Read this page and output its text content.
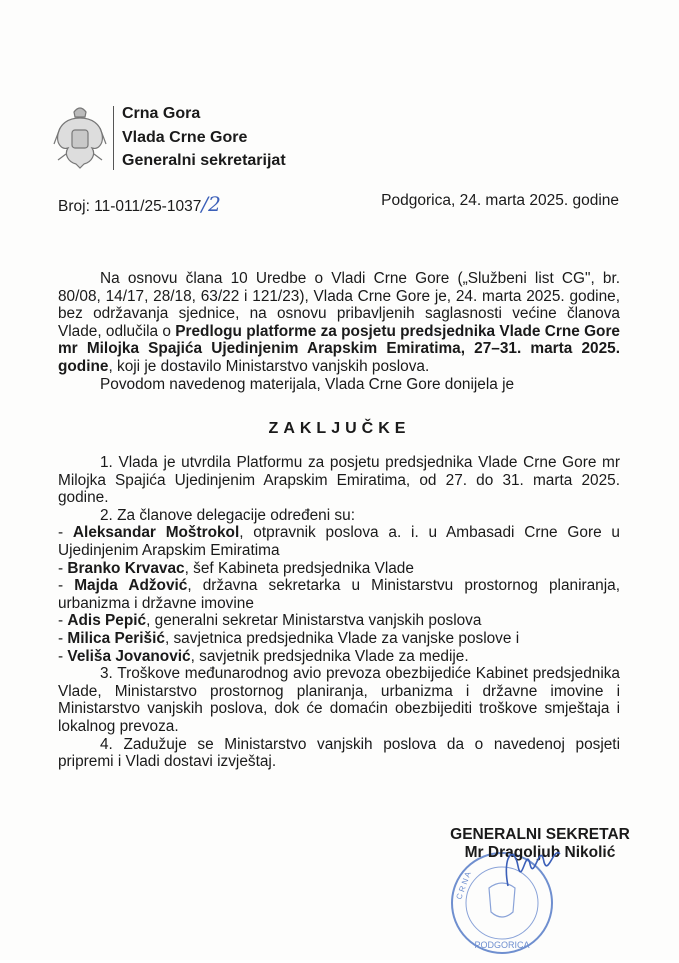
Crna Gora
Vlada Crne Gore
Generalni sekretarijat
Broj: 11-011/25-1037/2	Podgorica, 24. marta 2025. godine

Na osnovu člana 10 Uredbe o Vladi Crne Gore („Službeni list CG", br. 80/08, 14/17, 28/18, 63/22 i 121/23), Vlada Crne Gore je, 24. marta 2025. godine, bez održavanja sjednice, na osnovu pribavljenih saglasnosti većine članova Vlade, odlučila o Predlogu platforme za posjetu predsjednika Vlade Crne Gore mr Milojka Spajića Ujedinjenim Arapskim Emiratima, 27–31. marta 2025. godine, koji je dostavilo Ministarstvo vanjskih poslova.

Povodom navedenog materijala, Vlada Crne Gore donijela je

ZAKLJUČKE

1. Vlada je utvrdila Platformu za posjetu predsjednika Vlade Crne Gore mr Milojka Spajića Ujedinjenim Arapskim Emiratima, od 27. do 31. marta 2025. godine.

2. Za članove delegacije određeni su:

- Aleksandar Moštrokol, otpravnik poslova a. i. u Ambasadi Crne Gore u Ujedinjenim Arapskim Emiratima

- Branko Krvavac, šef Kabineta predsjednika Vlade

- Majda Adžović, državna sekretarka u Ministarstvu prostornog planiranja, urbanizma i državne imovine

- Adis Pepić, generalni sekretar Ministarstva vanjskih poslova

- Milica Perišić, savjetnica predsjednika Vlade za vanjske poslove i

- Veliša Jovanović, savjetnik predsjednika Vlade za medije.

3. Troškove međunarodnog avio prevoza obezbijediće Kabinet predsjednika Vlade, Ministarstvo prostornog planiranja, urbanizma i državne imovine i Ministarstvo vanjskih poslova, dok će domaćin obezbijediti troškove smještaja i lokalnog prevoza.

4. Zadužuje se Ministarstvo vanjskih poslova da o navedenoj posjeti pripremi i Vladi dostavi izvještaj.

PODGORICA
C R N A
GENERALNI SEKRETAR
Mr Dragoljub Nikolić
